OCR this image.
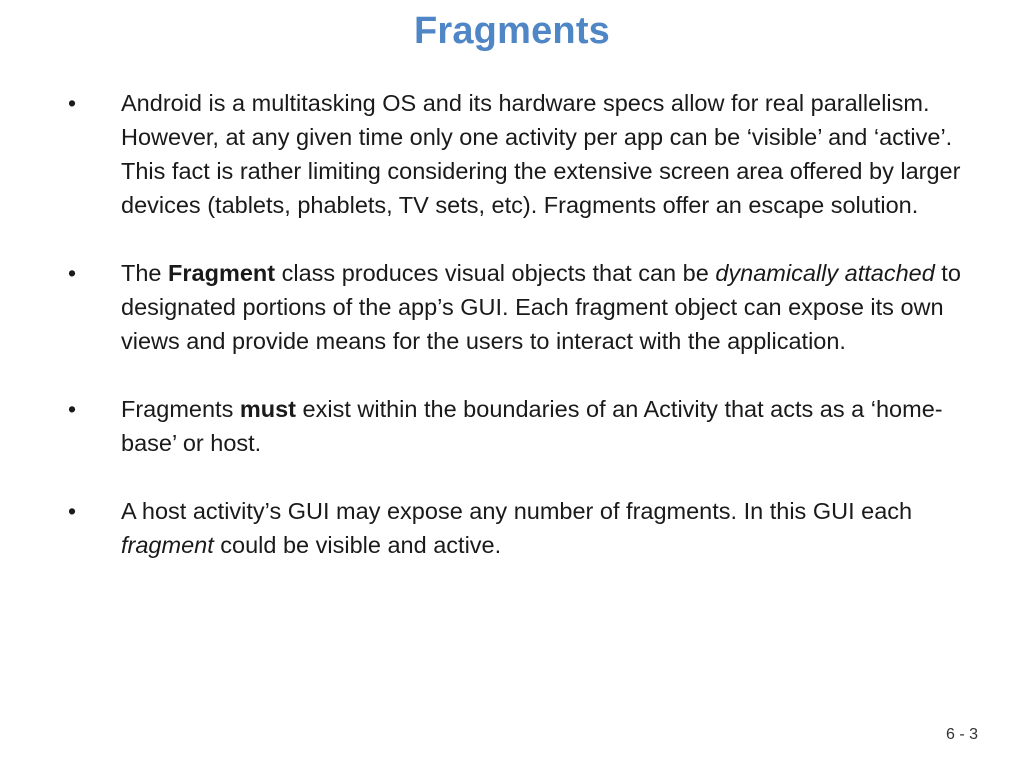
Fragments
•	Android is a multitasking OS and its hardware specs allow for real parallelism. However, at any given time only one activity per app can be ‘visible’ and ‘active’. This fact is rather limiting considering the extensive screen area offered by larger devices (tablets, phablets, TV sets, etc). Fragments offer an escape solution.
•	The Fragment class produces visual objects that can be dynamically attached to designated portions of the app’s GUI. Each fragment object can expose its own views and provide means for the users to interact with the application.
•	Fragments must exist within the boundaries of an Activity that acts as a ‘home-base’ or host.
•	A host activity’s GUI may expose any number of fragments. In this GUI each fragment could be visible and active.
6 - 3
